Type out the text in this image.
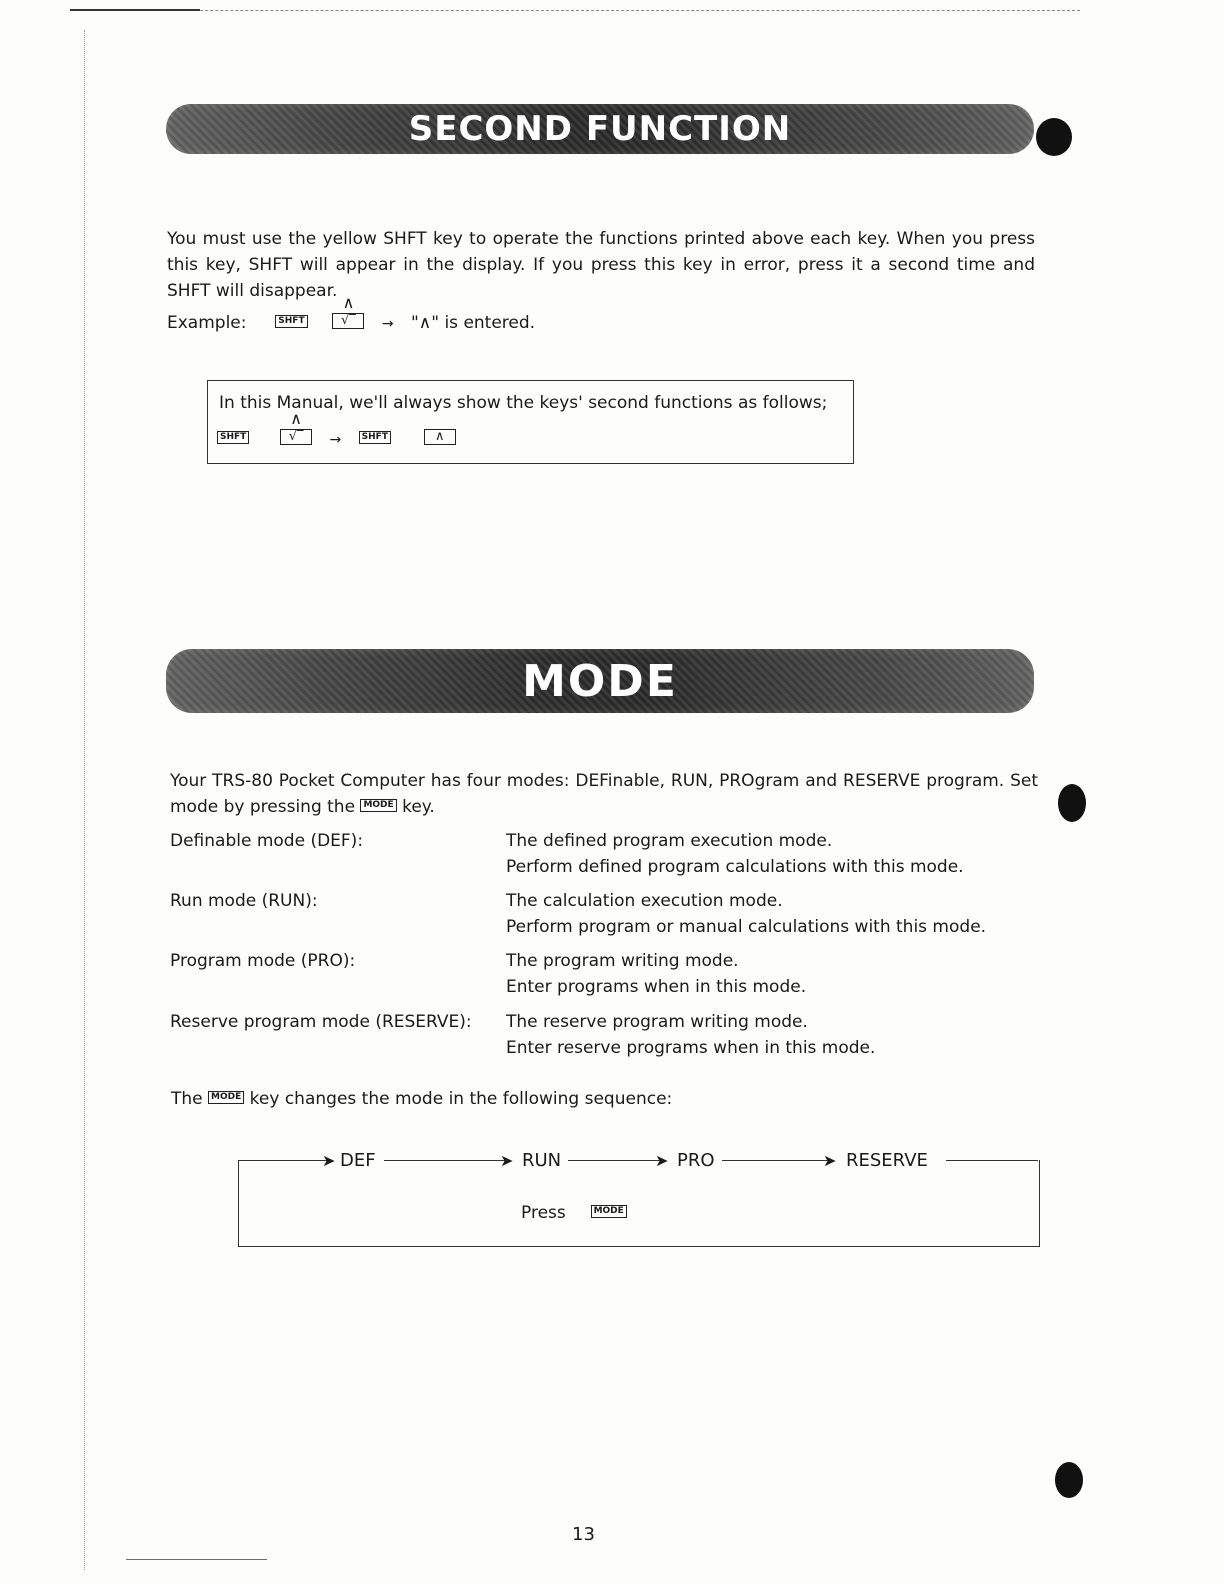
SECOND FUNCTION
You must use the yellow SHFT key to operate the functions printed above each key. When you press this key, SHFT will appear in the display. If you press this key in error, press it a second time and SHFT will disappear.
Example:	SHFT
∧
√‾ → "∧" is entered.
In this Manual, we'll always show the keys' second functions as follows;
SHFT
∧
√‾ → SHFT	∧
MODE
Your TRS-80 Pocket Computer has four modes: DEFinable, RUN, PROgram and RESERVE program. Set mode by pressing the MODE key.
Definable mode (DEF):	The defined program execution mode.
Perform defined program calculations with this mode.
Run mode (RUN):	The calculation execution mode.
Perform program or manual calculations with this mode.
Program mode (PRO):	The program writing mode.
Enter programs when in this mode.
Reserve program mode (RESERVE): The reserve program writing mode.
Enter reserve programs when in this mode.
The MODE key changes the mode in the following sequence:
➤	➤	➤	➤
DEF	RUN	PRO	RESERVE
Press	MODE
13
